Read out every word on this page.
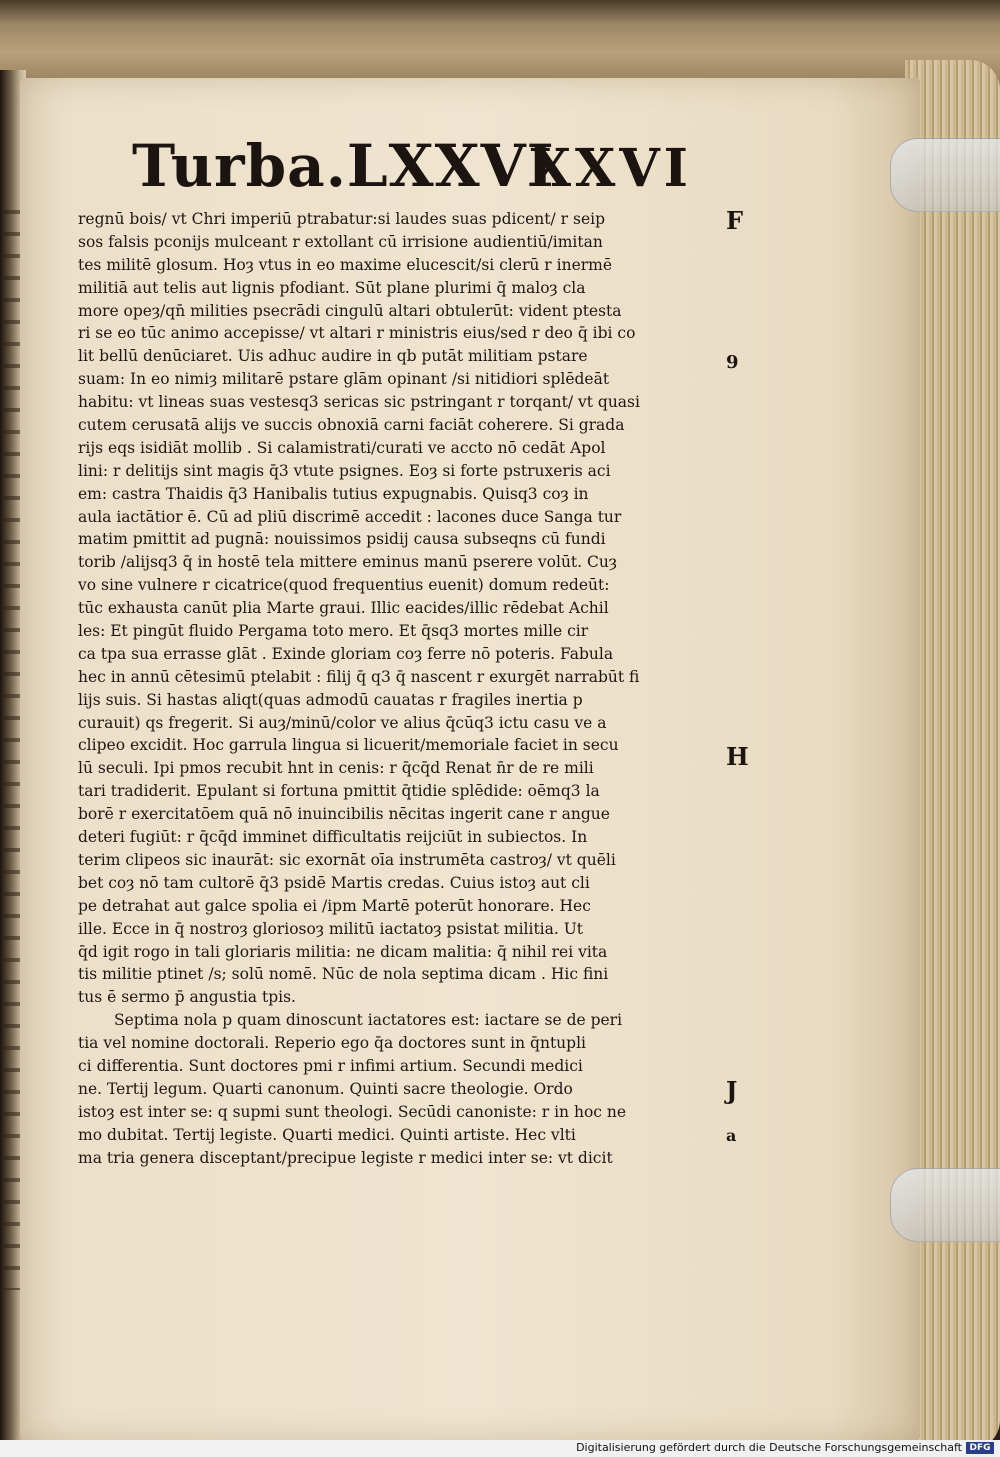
Turba.LXXVI
XXVI
F
9
H
J
a
regnū bois/ vt Chri imperiū ptrabatur:si laudes suas pdicent/ r seip
sos falsis pconijs mulceant r extollant cū irrisione audientiū/imitan
tes militē glosum. Hoȝ vtus in eo maxime elucescit/si clerū r inermē
militiā aut telis aut lignis pfodiant. Sūt plane plurimi q̄ maloȝ cla
more opeȝ/qn̄ milities psecrādi cingulū altari obtulerūt: vident ptesta
ri se eo tūc animo accepisse/ vt altari r ministris eius/sed r deo q̄ ibi co
lit bellū denūciaret. Uis adhuc audire in qb putāt militiam pstare
suam: In eo nimiȝ militarē pstare glām opinant /si nitidiori splēdeāt
habitu: vt lineas suas vestesq3 sericas sic pstringant r torqant/ vt quasi
cutem cerusatā alijs ve succis obnoxiā carni faciāt coherere. Si grada
rijs eqs isidiāt mollib . Si calamistrati/curati ve accto nō cedāt Apol
lini: r delitijs sint magis q̄3 vtute psignes. Eoȝ si forte pstruxeris aci
em: castra Thaidis q̄3 Hanibalis tutius expugnabis. Quisq3 coȝ in
aula iactātior ē. Cū ad pliū discrimē accedit : lacones duce Sanga tur
matim pmittit ad pugnā: nouissimos psidij causa subseqns cū fundi
torib /alijsq3 q̄ in hostē tela mittere eminus manū pserere volūt. Cuȝ
vo sine vulnere r cicatrice(quod frequentius euenit) domum redeūt:
tūc exhausta canūt plia Marte graui. Illic eacides/illic rēdebat Achil
les: Et pingūt fluido Pergama toto mero. Et q̄sq3 mortes mille cir
ca tpa sua errasse glāt . Exinde gloriam coȝ ferre nō poteris. Fabula
hec in annū cētesimū ptelabit : filij q̄ q3 q̄ nascent r exurgēt narrabūt fi
lijs suis. Si hastas aliqt(quas admodū cauatas r fragiles inertia p
curauit) qs fregerit. Si auȝ/minū/color ve alius q̄cūq3 ictu casu ve a
clipeo excidit. Hoc garrula lingua si licuerit/memoriale faciet in secu
lū seculi. Ipi pmos recubit hnt in cenis: r q̄cq̄d Renat n̄r de re mili
tari tradiderit. Epulant si fortuna pmittit q̄tidie splēdide: oēmq3 la
borē r exercitatōem quā nō inuincibilis nēcitas ingerit cane r angue
deteri fugiūt: r q̄cq̄d imminet difficultatis reijciūt in subiectos. In
terim clipeos sic inaurāt: sic exornāt oīa instrumēta castroȝ/ vt quēli
bet coȝ nō tam cultorē q̄3 psidē Martis credas. Cuius istoȝ aut cli
pe detrahat aut galce spolia ei /ipm Martē poterūt honorare. Hec
ille. Ecce in q̄ nostroȝ gloriosoȝ militū iactatoȝ psistat militia. Ut
q̄d igit rogo in tali gloriaris militia: ne dicam malitia: q̄ nihil rei vita
tis militie ptinet /s; solū nomē. Nūc de nola septima dicam . Hic fini
tus ē sermo p̄ angustia tpis.
Septima nola p quam dinoscunt iactatores est: iactare se de peri
tia vel nomine doctorali. Reperio ego q̄a doctores sunt in q̄ntupli
ci differentia. Sunt doctores pmi r infimi artium. Secundi medici
ne. Tertij legum. Quarti canonum. Quinti sacre theologie. Ordo
istoȝ est inter se: q supmi sunt theologi. Secūdi canoniste: r in hoc ne
mo dubitat. Tertij legiste. Quarti medici. Quinti artiste. Hec vlti
ma tria genera disceptant/precipue legiste r medici inter se: vt dicit
Digitalisierung gefördert durch die Deutsche Forschungsgemeinschaft DFG
